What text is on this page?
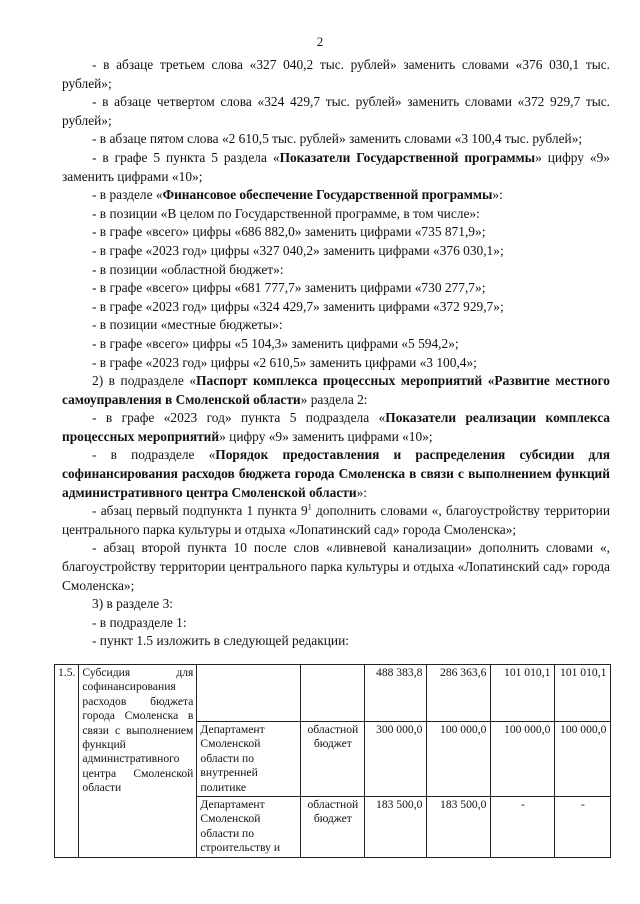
2

- в абзаце третьем слова «327 040,2 тыс. рублей» заменить словами «376 030,1 тыс. рублей»;

- в абзаце четвертом слова «324 429,7 тыс. рублей» заменить словами «372 929,7 тыс. рублей»;

- в абзаце пятом слова «2 610,5 тыс. рублей» заменить словами «3 100,4 тыс. рублей»;

- в графе 5 пункта 5 раздела «Показатели Государственной программы» цифру «9» заменить цифрами «10»;

- в разделе «Финансовое обеспечение Государственной программы»:

- в позиции «В целом по Государственной программе, в том числе»:

- в графе «всего» цифры «686 882,0» заменить цифрами «735 871,9»;

- в графе «2023 год» цифры «327 040,2» заменить цифрами «376 030,1»;

- в позиции «областной бюджет»:

- в графе «всего» цифры «681 777,7» заменить цифрами «730 277,7»;

- в графе «2023 год» цифры «324 429,7» заменить цифрами «372 929,7»;

- в позиции «местные бюджеты»:

- в графе «всего» цифры «5 104,3» заменить цифрами «5 594,2»;

- в графе «2023 год» цифры «2 610,5» заменить цифрами «3 100,4»;

2) в подразделе «Паспорт комплекса процессных мероприятий «Развитие местного самоуправления в Смоленской области» раздела 2:

- в графе «2023 год» пункта 5 подраздела «Показатели реализации комплекса процессных мероприятий» цифру «9» заменить цифрами «10»;

- в подразделе «Порядок предоставления и распределения субсидии для софинансирования расходов бюджета города Смоленска в связи с выполнением функций административного центра Смоленской области»:

- абзац первый подпункта 1 пункта $9^1$ дополнить словами «, благоустройству территории центрального парка культуры и отдыха «Лопатинский сад» города Смоленска»;

- абзац второй пункта 10 после слов «ливневой канализации» дополнить словами «, благоустройству территории центрального парка культуры и отдыха «Лопатинский сад» города Смоленска»;

3) в разделе 3:

- в подразделе 1:

- пункт 1.5 изложить в следующей редакции:

1.5.	Субсидия для софинансирования расходов бюджета города Смоленска в связи с выполнением функций административного центра Смоленской области			488 383,8	286 363,6	101 010,1	101 010,1
		Департамент Смоленской области по внутренней политике	областной бюджет	300 000,0	100 000,0	100 000,0	100 000,0
		Департамент Смоленской области по строительству и	областной бюджет	183 500,0	183 500,0	-	-
